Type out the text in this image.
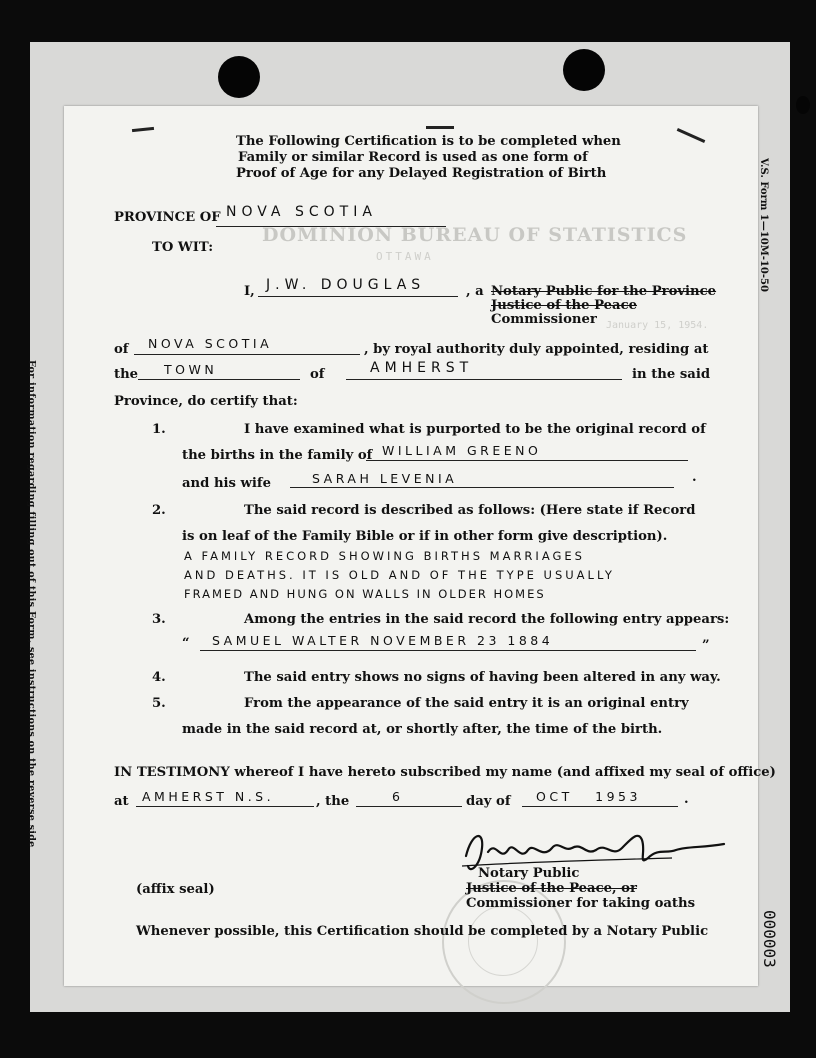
For information regarding filling out of this Form, see instructions on the reverse side
DOMINION BUREAU OF STATISTICS
OTTAWA
January 15, 1954.
V.S. Form 1—10M-10-50
000003
The Following Certification is to be completed when
Family or similar Record is used as one form of
Proof of Age for any Delayed Registration of Birth
PROVINCE OF NOVA SCOTIA
TO WIT:
I, J.W. DOUGLAS	, a Notary Public for the Province
Justice of the Peace
Commissioner
of NOVA SCOTIA	, by royal authority duly appointed, residing at
the TOWN	of	AMHERST	in the said
Province, do certify that:
1.	I have examined what is purported to be the original record of
the births in the family of WILLIAM GREENO
and his wife	SARAH LEVENIA	.
2.	The said record is described as follows: (Here state if Record
is on leaf of the Family Bible or if in other form give description).
A FAMILY RECORD SHOWING BIRTHS MARRIAGES
AND DEATHS. IT IS OLD AND OF THE TYPE USUALLY
FRAMED AND HUNG ON WALLS IN OLDER HOMES
3.	Among the entries in the said record the following entry appears:
“ SAMUEL WALTER NOVEMBER 23 1884	”
4.	The said entry shows no signs of having been altered in any way.
5.	From the appearance of the said entry it is an original entry
made in the said record at, or shortly after, the time of the birth.
IN TESTIMONY whereof I have hereto subscribed my name (and affixed my seal of office)
at AMHERST N.S.	, the	6	day of OCT   1953	.
Notary Public
Justice of the Peace, or
Commissioner for taking oaths
(affix seal)
Whenever possible, this Certification should be completed by a Notary Public
